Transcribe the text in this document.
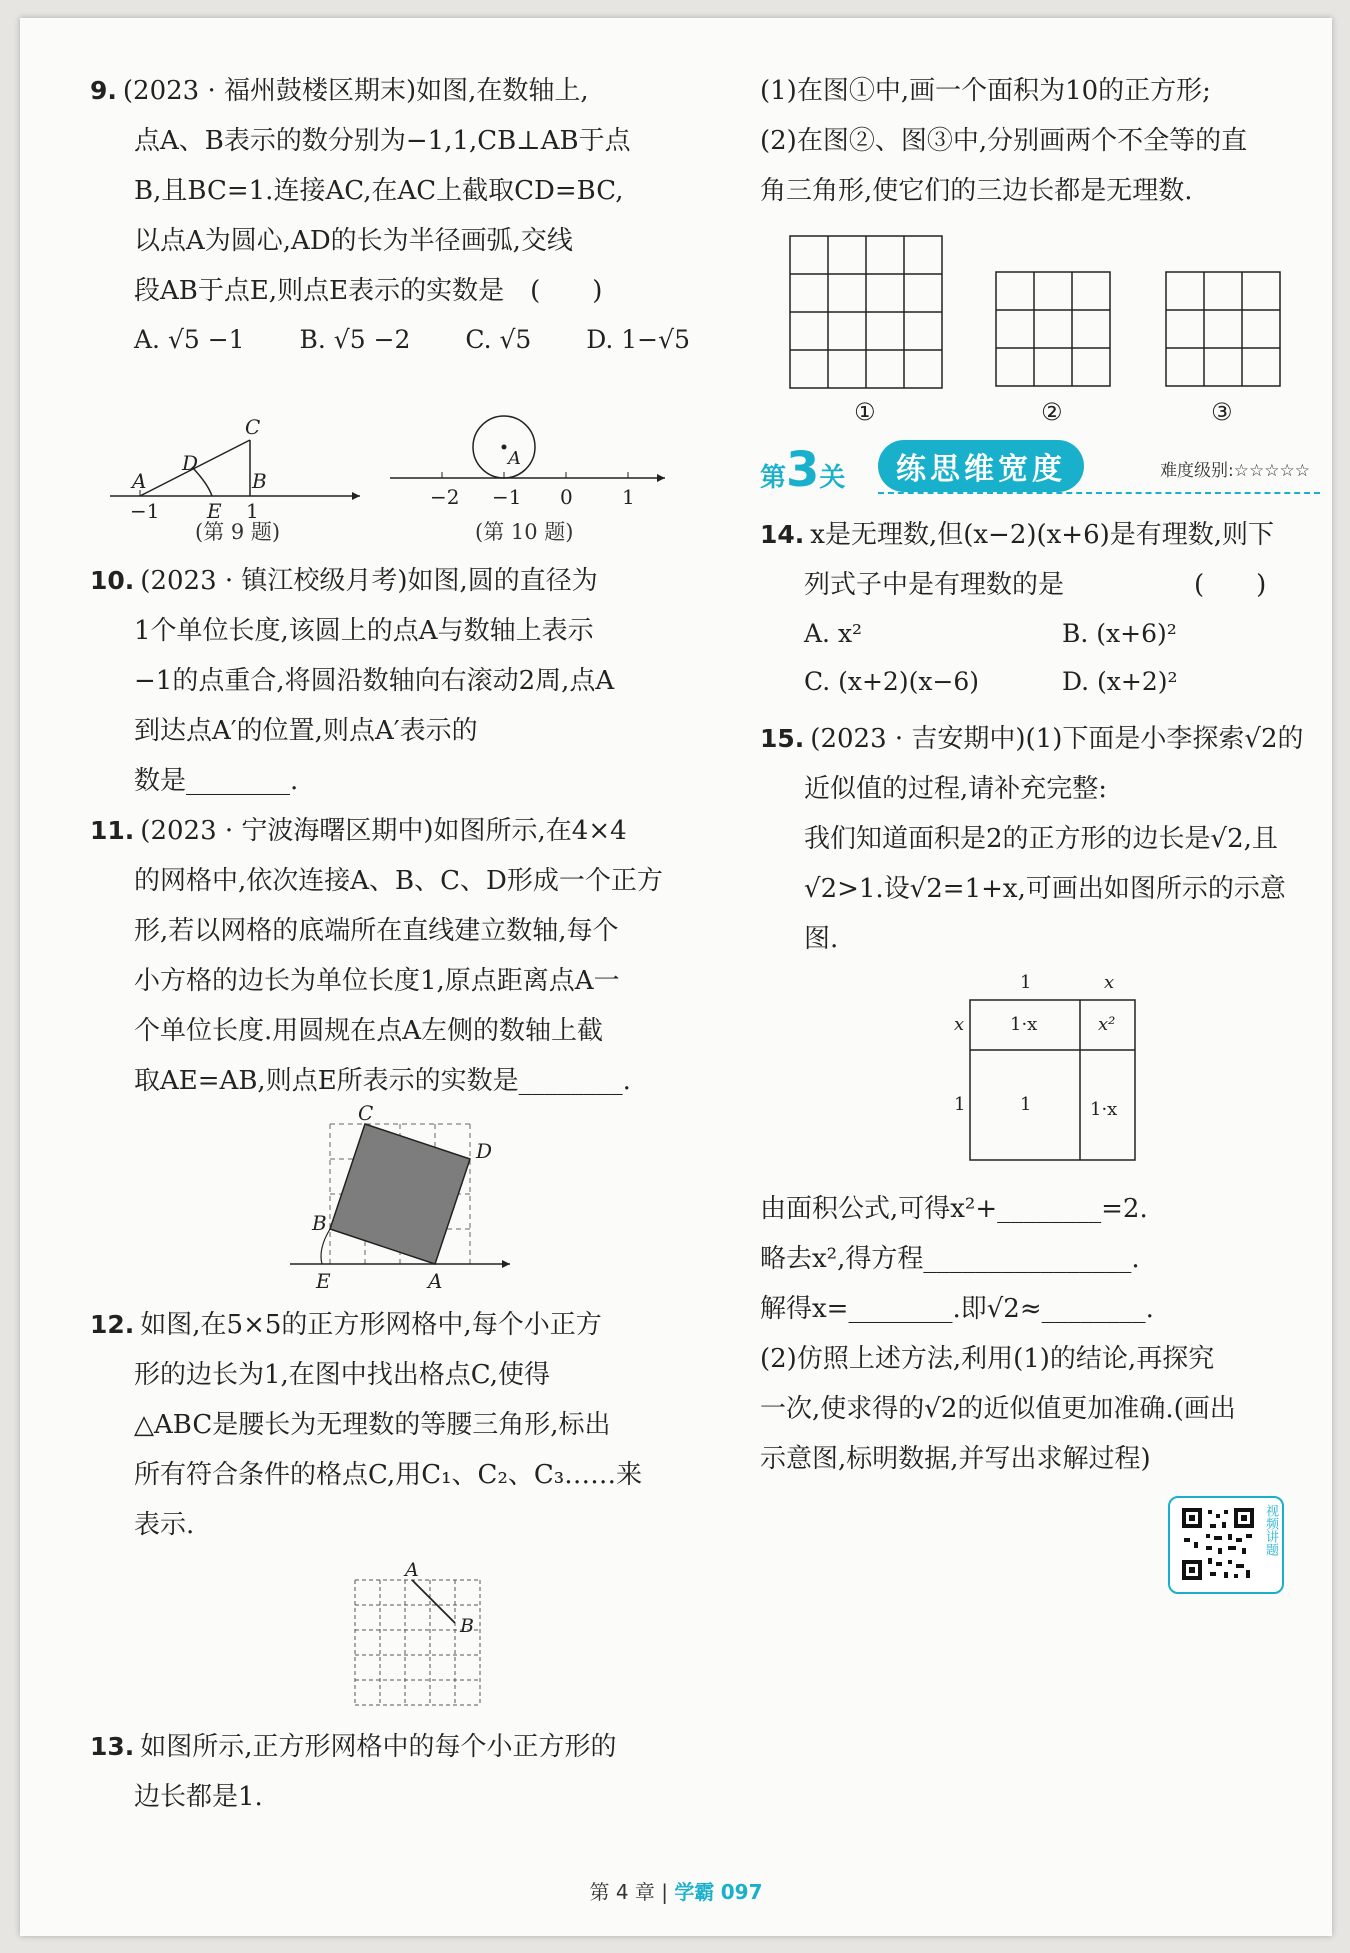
9. (2023 · 福州鼓楼区期末)如图,在数轴上,

点A、B表示的数分别为−1,1,CB⊥AB于点

B,且BC=1.连接AC,在AC上截取CD=BC,

以点A为圆心,AD的长为半径画弧,交线

段AB于点E,则点E表示的实数是　(　　)

A. √5 −1 B. √5 −2 C. √5 D. 1−√5
C
D
A	B
E
−1	1
A
−2 −1 0 1
(第 9 题)	(第 10 题)

10. (2023 · 镇江校级月考)如图,圆的直径为

1个单位长度,该圆上的点A与数轴上表示

−1的点重合,将圆沿数轴向右滚动2周,点A

到达点A′的位置,则点A′表示的

数是________.

11. (2023 · 宁波海曙区期中)如图所示,在4×4

的网格中,依次连接A、B、C、D形成一个正方

形,若以网格的底端所在直线建立数轴,每个

小方格的边长为单位长度1,原点距离点A一

个单位长度.用圆规在点A左侧的数轴上截

取AE=AB,则点E所表示的实数是________.

C
D
B
E	A

12. 如图,在5×5的正方形网格中,每个小正方

形的边长为1,在图中找出格点C,使得

△ABC是腰长为无理数的等腰三角形,标出

所有符合条件的格点C,用C₁、C₂、C₃……来

表示.

A
B

13. 如图所示,正方形网格中的每个小正方形的

边长都是1.

(1)在图①中,画一个面积为10的正方形;

(2)在图②、图③中,分别画两个不全等的直

角三角形,使它们的三边长都是无理数.

①	②	③
第3关	练思维宽度	难度级别:☆☆☆☆☆

14. x是无理数,但(x−2)(x+6)是有理数,则下

列式子中是有理数的是　　　　　(　　)

A. x²	B. (x+6)²
C. (x+2)(x−6)	D. (x+2)²

15. (2023 · 吉安期中)(1)下面是小李探索√2的

近似值的过程,请补充完整:

我们知道面积是2的正方形的边长是√2,且

√2>1.设√2=1+x,可画出如图所示的示意图.

1	x
x
1
1·x	x²
1	1·x

由面积公式,可得x²+________=2.

略去x²,得方程________________.

解得x=________.即√2≈________.

(2)仿照上述方法,利用(1)的结论,再探究

一次,使求得的√2的近似值更加准确.(画出

示意图,标明数据,并写出求解过程)

视频讲题
第 4 章 | 学霸 097
